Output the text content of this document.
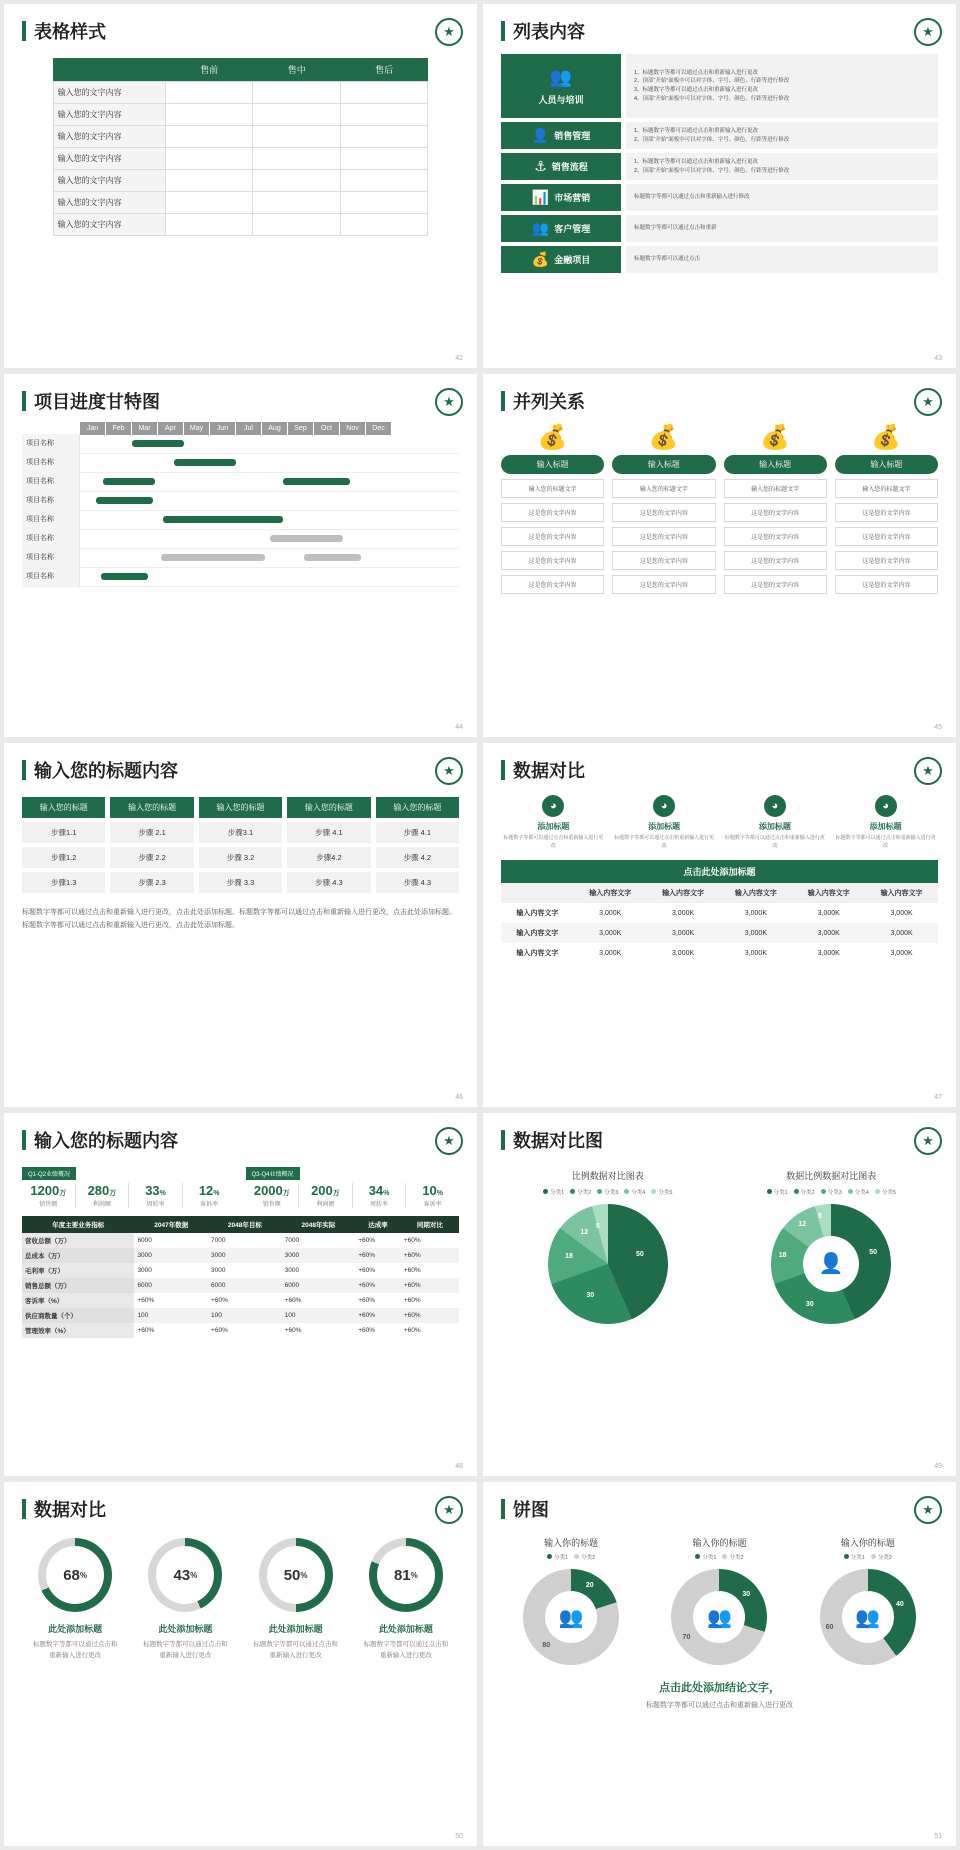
表格样式	★
	售前	售中	售后
输入您的文字内容			
输入您的文字内容			
输入您的文字内容			
输入您的文字内容			
输入您的文字内容			
输入您的文字内容			
输入您的文字内容			
42
列表内容	★
👥
人员与培训
1、标题数字等都可以通过点击和重新输入进行更改
2、顶部“开始”面板中可以对字体、字号、颜色、行距等进行修改
3、标题数字等都可以通过点击和重新输入进行更改
4、顶部“开始”面板中可以对字体、字号、颜色、行距等进行修改
👤 销售管理
1、标题数字等都可以通过点击和重新输入进行更改
2、顶部“开始”面板中可以对字体、字号、颜色、行距等进行修改
⚓ 销售流程
1、标题数字等都可以通过点击和重新输入进行更改
2、顶部“开始”面板中可以对字体、字号、颜色、行距等进行修改
📊 市场营销	标题数字等都可以通过点击和重新输入进行修改
👥 客户管理	标题数字等都可以通过点击和重新
💰 金融项目	标题数字等都可以通过点击
43
项目进度甘特图	★
Jan	Feb	Mar	Apr	May	Jun	Jul	Aug	Sep	Oct	Nov	Dec
项目名称
项目名称
项目名称
项目名称
项目名称
项目名称
项目名称
项目名称
44
并列关系	★
💰
输入标题
输入您的标题文字
这是您的文字内容
这是您的文字内容
这是您的文字内容
这是您的文字内容
💰
输入标题
输入您的标题文字
这是您的文字内容
这是您的文字内容
这是您的文字内容
这是您的文字内容
💰
输入标题
输入您的标题文字
这是您的文字内容
这是您的文字内容
这是您的文字内容
这是您的文字内容
💰
输入标题
输入您的标题文字
这是您的文字内容
这是您的文字内容
这是您的文字内容
这是您的文字内容
45
输入您的标题内容	★
输入您的标题	输入您的标题	输入您的标题	输入您的标题	输入您的标题
步骤1.1	步骤 2.1	步骤3.1	步骤 4.1	步骤 4.1
步骤1.2	步骤 2.2	步骤 3.2	步骤4.2	步骤 4.2
步骤1.3	步骤 2.3	步骤 3.3	步骤 4.3	步骤 4.3
标题数字等都可以通过点击和重新输入进行更改，点击此处添加标题。标题数字等都可以通过点击和重新输入进行更改，点击此处添加标题。标题数字等都可以通过点击和重新输入进行更改，点击此处添加标题。
46
数据对比	★
◕
添加标题
标题数字等都可以通过点击和重新输入进行更改
◕
添加标题
标题数字等都可以通过点击和重新输入进行更改
◕
添加标题
标题数字等都可以通过点击和重新输入进行更改
◕
添加标题
标题数字等都可以通过点击和重新输入进行更改
点击此处添加标题					
	输入内容文字	输入内容文字	输入内容文字	输入内容文字	输入内容文字
输入内容文字	3,000K	3,000K	3,000K	3,000K	3,000K
输入内容文字	3,000K	3,000K	3,000K	3,000K	3,000K
输入内容文字	3,000K	3,000K	3,000K	3,000K	3,000K
47
输入您的标题内容	★
Q1-Q2业绩概况
1200万
销售额
280万
利润额
33%
周转率
12%
客诉率
Q3-Q4业绩概况
2000万
销售额
200万
利润额
34%
周转率
10%
客诉率
年度主要业务指标	2047年数据	2048年目标	2048年实际	达成率	同期对比
营收总额（万）	6000	7000	7000	+60%	+60%
总成本（万）	3000	3000	3000	+60%	+60%
毛利率（万）	3000	3000	3000	+60%	+60%
销售总额（万）	6000	6000	6000	+60%	+60%
客诉率（%）	+60%	+60%	+60%	+60%	+60%
供应商数量（个）	100	100	100	+60%	+60%
管理效率（%）	+60%	+60%	+60%	+60%	+60%
48
数据对比图	★
比例数据对比图表
分类1	分类2	分类3	分类4	分类5
50
30
18
12
5
数据比例数据对比图表
分类1	分类2	分类3	分类4	分类5
👤
50
30
18
12
5
49
数据对比	★
68 %
此处添加标题
标题数字等都可以通过点击和重新输入进行更改
43 %
此处添加标题
标题数字等都可以通过点击和重新输入进行更改
50 %
此处添加标题
标题数字等都可以通过点击和重新输入进行更改
81 %
此处添加标题
标题数字等都可以通过点击和重新输入进行更改
50
饼图	★
输入你的标题
分类1	分类2
👥
20
80
输入你的标题
分类1	分类2
👥
30
70
输入你的标题
分类1	分类2
👥
40
60
点击此处添加结论文字，
标题数字等都可以通过点击和重新输入进行更改
51
